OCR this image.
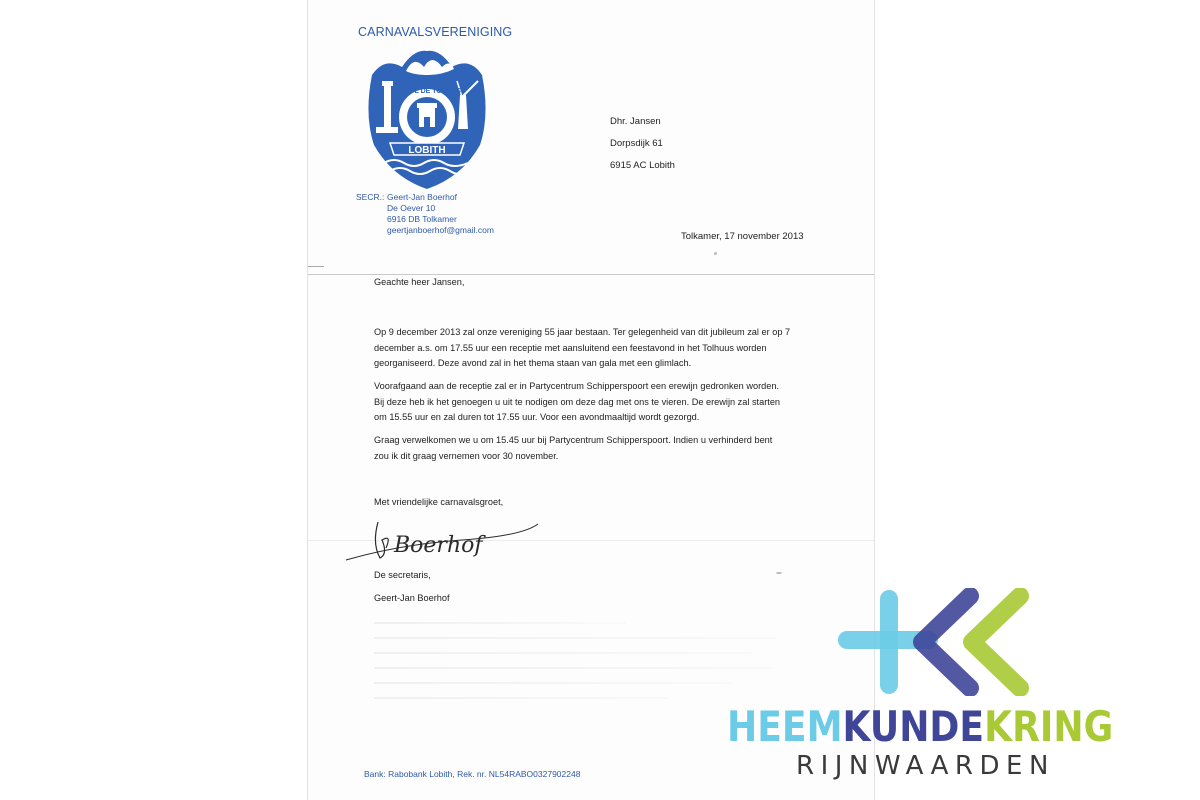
CARNAVALSVERENIGING
HET OL DE TOLHUS
LOBITH
SECR.: Geert-Jan Boerhof
De Oever 10
6916 DB Tolkamer
geertjanboerhof@gmail.com
Dhr. Jansen
Dorpsdijk 61
6915 AC Lobith
Tolkamer, 17 november 2013
Geachte heer Jansen,
Op 9 december 2013 zal onze vereniging 55 jaar bestaan. Ter gelegenheid van dit jubileum zal er op 7
december a.s. om 17.55 uur een receptie met aansluitend een feestavond in het Tolhuus worden
georganiseerd. Deze avond zal in het thema staan van gala met een glimlach.
Voorafgaand aan de receptie zal er in Partycentrum Schipperspoort een erewijn gedronken worden.
Bij deze heb ik het genoegen u uit te nodigen om deze dag met ons te vieren. De erewijn zal starten
om 15.55 uur en zal duren tot 17.55 uur. Voor een avondmaaltijd wordt gezorgd.
Graag verwelkomen we u om 15.45 uur bij Partycentrum Schipperspoort. Indien u verhinderd bent
zou ik dit graag vernemen voor 30 november.
Met vriendelijke carnavalsgroet,
Boerhof
De secretaris,
Geert-Jan Boerhof
Bank: Rabobank Lobith, Rek. nr. NL54RABO0327902248
HEEMKUNDEKRING
RIJNWAARDEN
